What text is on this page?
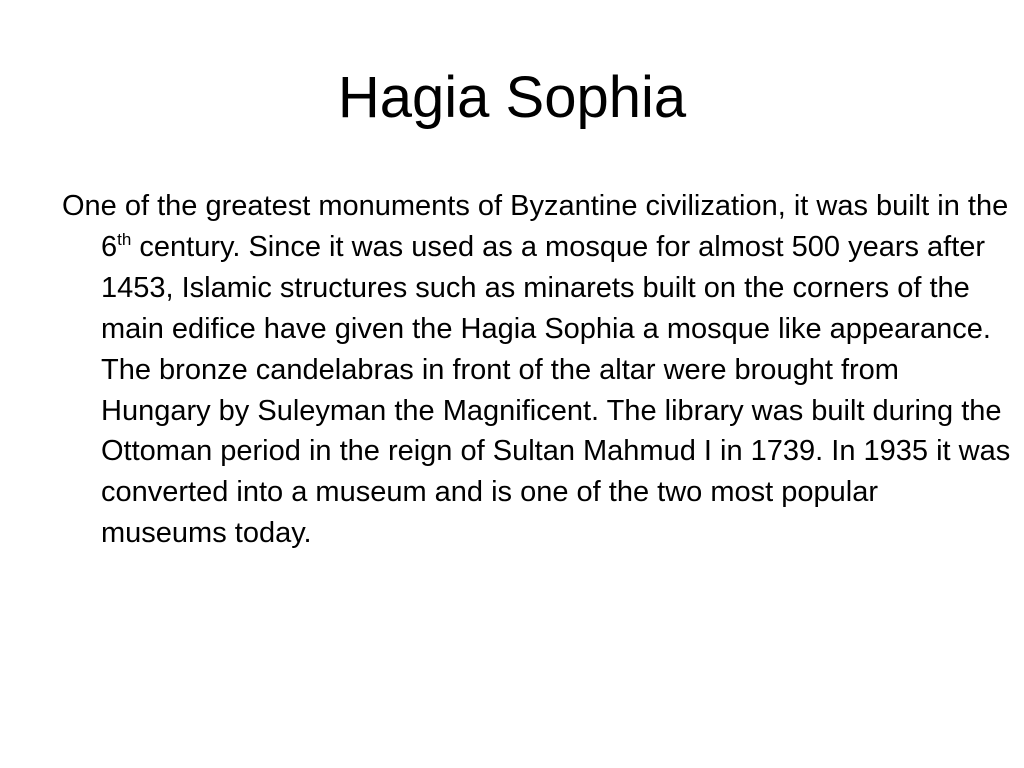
Hagia Sophia

One of the greatest monuments of Byzantine civilization, it was built in the 6th century. Since it was used as a mosque for almost 500 years after 1453, Islamic structures such as minarets built on the corners of the main edifice have given the Hagia Sophia a mosque like appearance. The bronze candelabras in front of the altar were brought from Hungary by Suleyman the Magnificent. The library was built during the Ottoman period in the reign of Sultan Mahmud I in 1739. In 1935 it was converted into a museum and is one of the two most popular museums today.
